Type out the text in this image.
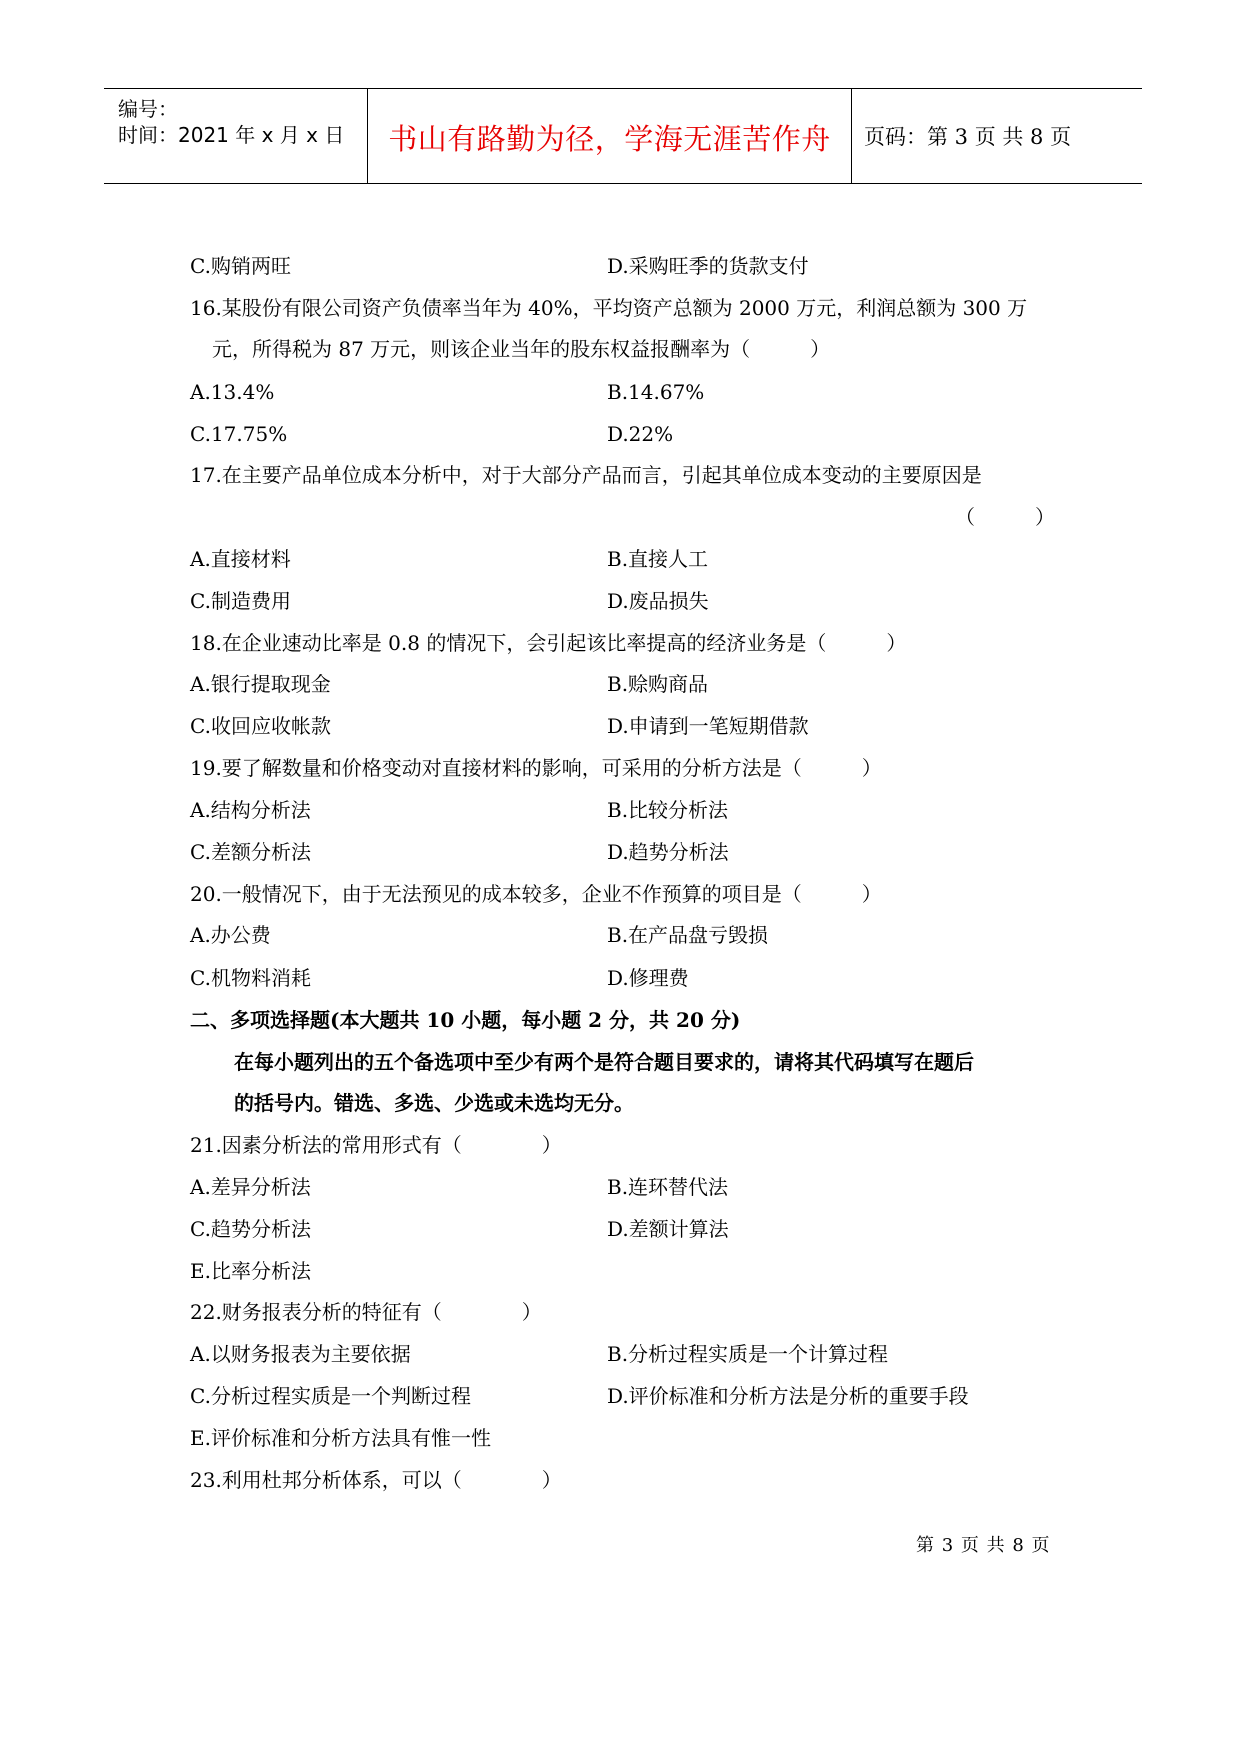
编号：
时间：2021 年 x 月 x 日	书山有路勤为径，学海无涯苦作舟	页码：第 3 页 共 8 页
C.购销两旺	D.采购旺季的货款支付
16.某股份有限公司资产负债率当年为 40%，平均资产总额为 2000 万元，利润总额为 300 万
元，所得税为 87 万元，则该企业当年的股东权益报酬率为（　　　）
A.13.4%	B.14.67%
C.17.75%	D.22%
17.在主要产品单位成本分析中，对于大部分产品而言，引起其单位成本变动的主要原因是
（　　　）
A.直接材料	B.直接人工
C.制造费用	D.废品损失
18.在企业速动比率是 0.8 的情况下，会引起该比率提高的经济业务是（　　　）
A.银行提取现金	B.赊购商品
C.收回应收帐款	D.申请到一笔短期借款
19.要了解数量和价格变动对直接材料的影响，可采用的分析方法是（　　　）
A.结构分析法	B.比较分析法
C.差额分析法	D.趋势分析法
20.一般情况下，由于无法预见的成本较多，企业不作预算的项目是（　　　）
A.办公费	B.在产品盘亏毁损
C.机物料消耗	D.修理费
二、多项选择题(本大题共 10 小题，每小题 2 分，共 20 分)
在每小题列出的五个备选项中至少有两个是符合题目要求的，请将其代码填写在题后
的括号内。错选、多选、少选或未选均无分。
21.因素分析法的常用形式有（　　　　）
A.差异分析法	B.连环替代法
C.趋势分析法	D.差额计算法
E.比率分析法
22.财务报表分析的特征有（　　　　）
A.以财务报表为主要依据	B.分析过程实质是一个计算过程
C.分析过程实质是一个判断过程	D.评价标准和分析方法是分析的重要手段
E.评价标准和分析方法具有惟一性
23.利用杜邦分析体系，可以（　　　　）
第 3 页 共 8 页
